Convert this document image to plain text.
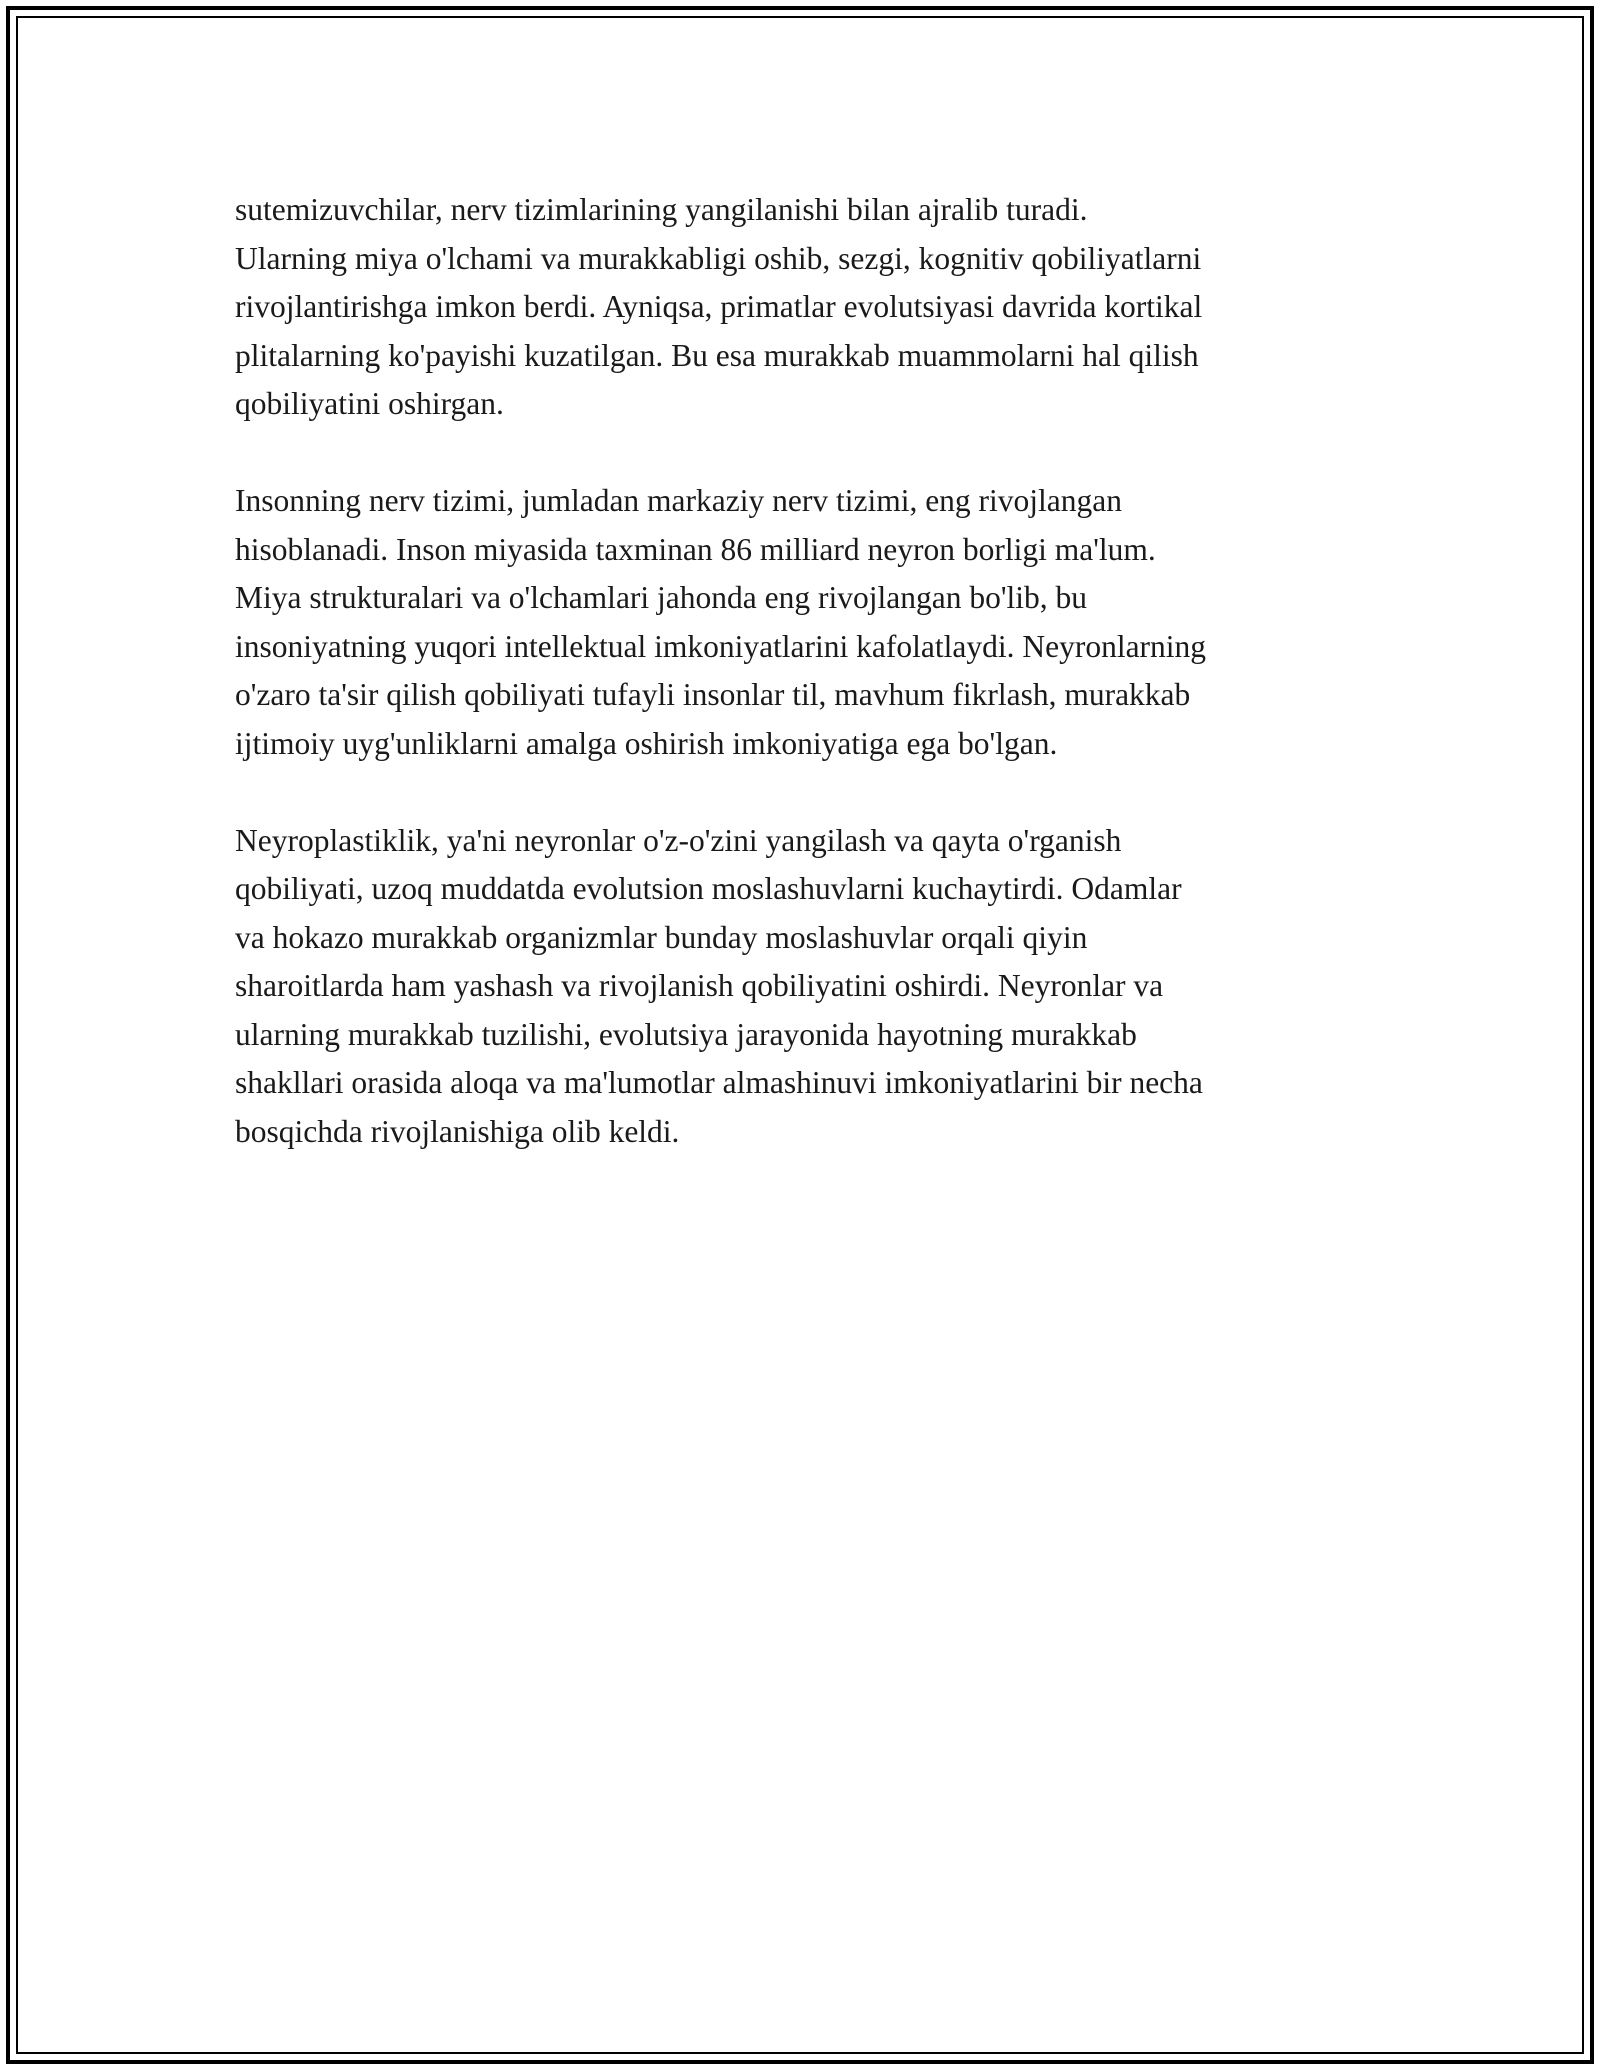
sutemizuvchilar, nerv tizimlarining yangilanishi bilan ajralib turadi.
Ularning miya o'lchami va murakkabligi oshib, sezgi, kognitiv qobiliyatlarni
rivojlantirishga imkon berdi. Ayniqsa, primatlar evolutsiyasi davrida kortikal
plitalarning ko'payishi kuzatilgan. Bu esa murakkab muammolarni hal qilish
qobiliyatini oshirgan.
Insonning nerv tizimi, jumladan markaziy nerv tizimi, eng rivojlangan
hisoblanadi. Inson miyasida taxminan 86 milliard neyron borligi ma'lum.
Miya strukturalari va o'lchamlari jahonda eng rivojlangan bo'lib, bu
insoniyatning yuqori intellektual imkoniyatlarini kafolatlaydi. Neyronlarning
o'zaro ta'sir qilish qobiliyati tufayli insonlar til, mavhum fikrlash, murakkab
ijtimoiy uyg'unliklarni amalga oshirish imkoniyatiga ega bo'lgan.
Neyroplastiklik, ya'ni neyronlar o'z-o'zini yangilash va qayta o'rganish
qobiliyati, uzoq muddatda evolutsion moslashuvlarni kuchaytirdi. Odamlar
va hokazo murakkab organizmlar bunday moslashuvlar orqali qiyin
sharoitlarda ham yashash va rivojlanish qobiliyatini oshirdi. Neyronlar va
ularning murakkab tuzilishi, evolutsiya jarayonida hayotning murakkab
shakllari orasida aloqa va ma'lumotlar almashinuvi imkoniyatlarini bir necha
bosqichda rivojlanishiga olib keldi.
